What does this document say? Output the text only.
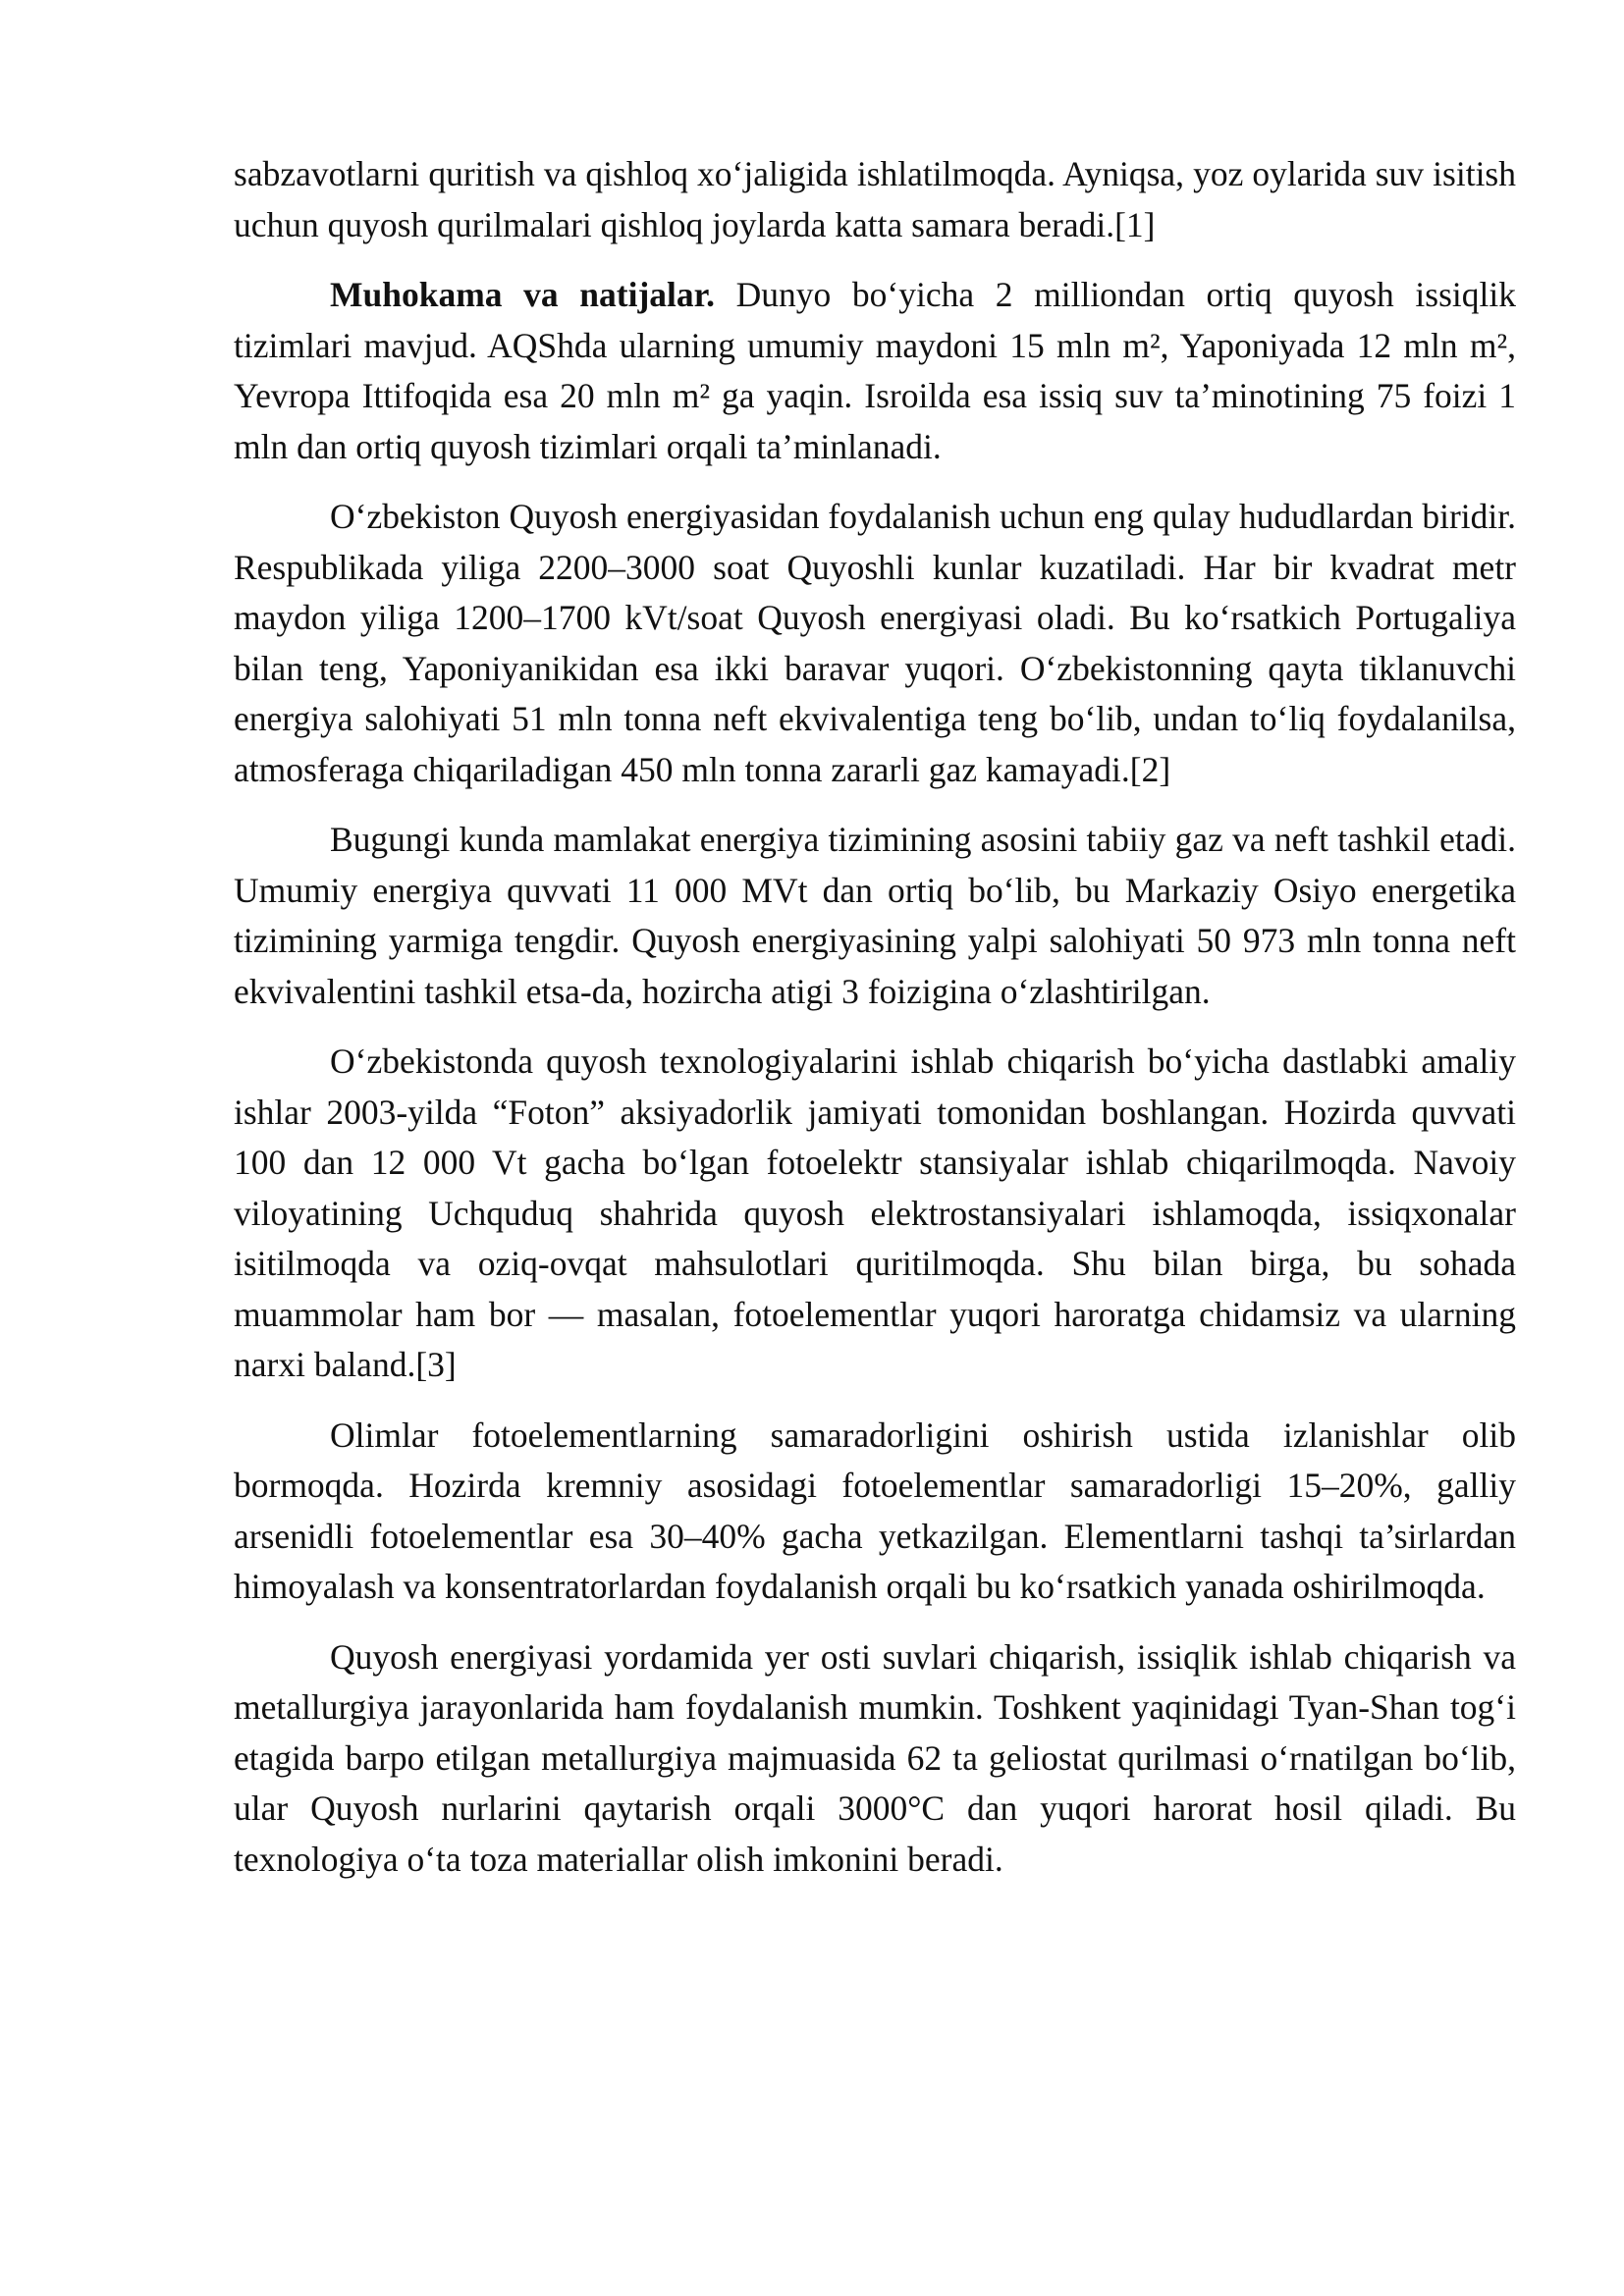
sabzavotlarni quritish va qishloq xo‘jaligida ishlatilmoqda. Ayniqsa, yoz oylarida suv isitish uchun quyosh qurilmalari qishloq joylarda katta samara beradi.[1]

Muhokama va natijalar. Dunyo bo‘yicha 2 milliondan ortiq quyosh issiqlik tizimlari mavjud. AQShda ularning umumiy maydoni 15 mln m², Yaponiyada 12 mln m², Yevropa Ittifoqida esa 20 mln m² ga yaqin. Isroilda esa issiq suv ta’minotining 75 foizi 1 mln dan ortiq quyosh tizimlari orqali ta’minlanadi.

O‘zbekiston Quyosh energiyasidan foydalanish uchun eng qulay hududlardan biridir. Respublikada yiliga 2200–3000 soat Quyoshli kunlar kuzatiladi. Har bir kvadrat metr maydon yiliga 1200–1700 kVt/soat Quyosh energiyasi oladi. Bu ko‘rsatkich Portugaliya bilan teng, Yaponiyanikidan esa ikki baravar yuqori. O‘zbekistonning qayta tiklanuvchi energiya salohiyati 51 mln tonna neft ekvivalentiga teng bo‘lib, undan to‘liq foydalanilsa, atmosferaga chiqariladigan 450 mln tonna zararli gaz kamayadi.[2]

Bugungi kunda mamlakat energiya tizimining asosini tabiiy gaz va neft tashkil etadi. Umumiy energiya quvvati 11 000 MVt dan ortiq bo‘lib, bu Markaziy Osiyo energetika tizimining yarmiga tengdir. Quyosh energiyasining yalpi salohiyati 50 973 mln tonna neft ekvivalentini tashkil etsa-da, hozircha atigi 3 foizigina o‘zlashtirilgan.

O‘zbekistonda quyosh texnologiyalarini ishlab chiqarish bo‘yicha dastlabki amaliy ishlar 2003-yilda “Foton” aksiyadorlik jamiyati tomonidan boshlangan. Hozirda quvvati 100 dan 12 000 Vt gacha bo‘lgan fotoelektr stansiyalar ishlab chiqarilmoqda. Navoiy viloyatining Uchquduq shahrida quyosh elektrostansiyalari ishlamoqda, issiqxonalar isitilmoqda va oziq-ovqat mahsulotlari quritilmoqda. Shu bilan birga, bu sohada muammolar ham bor — masalan, fotoelementlar yuqori haroratga chidamsiz va ularning narxi baland.[3]

Olimlar fotoelementlarning samaradorligini oshirish ustida izlanishlar olib bormoqda. Hozirda kremniy asosidagi fotoelementlar samaradorligi 15–20%, galliy arsenidli fotoelementlar esa 30–40% gacha yetkazilgan. Elementlarni tashqi ta’sirlardan himoyalash va konsentratorlardan foydalanish orqali bu ko‘rsatkich yanada oshirilmoqda.

Quyosh energiyasi yordamida yer osti suvlari chiqarish, issiqlik ishlab chiqarish va metallurgiya jarayonlarida ham foydalanish mumkin. Toshkent yaqinidagi Tyan-Shan tog‘i etagida barpo etilgan metallurgiya majmuasida 62 ta geliostat qurilmasi o‘rnatilgan bo‘lib, ular Quyosh nurlarini qaytarish orqali 3000°C dan yuqori harorat hosil qiladi. Bu texnologiya o‘ta toza materiallar olish imkonini beradi.
